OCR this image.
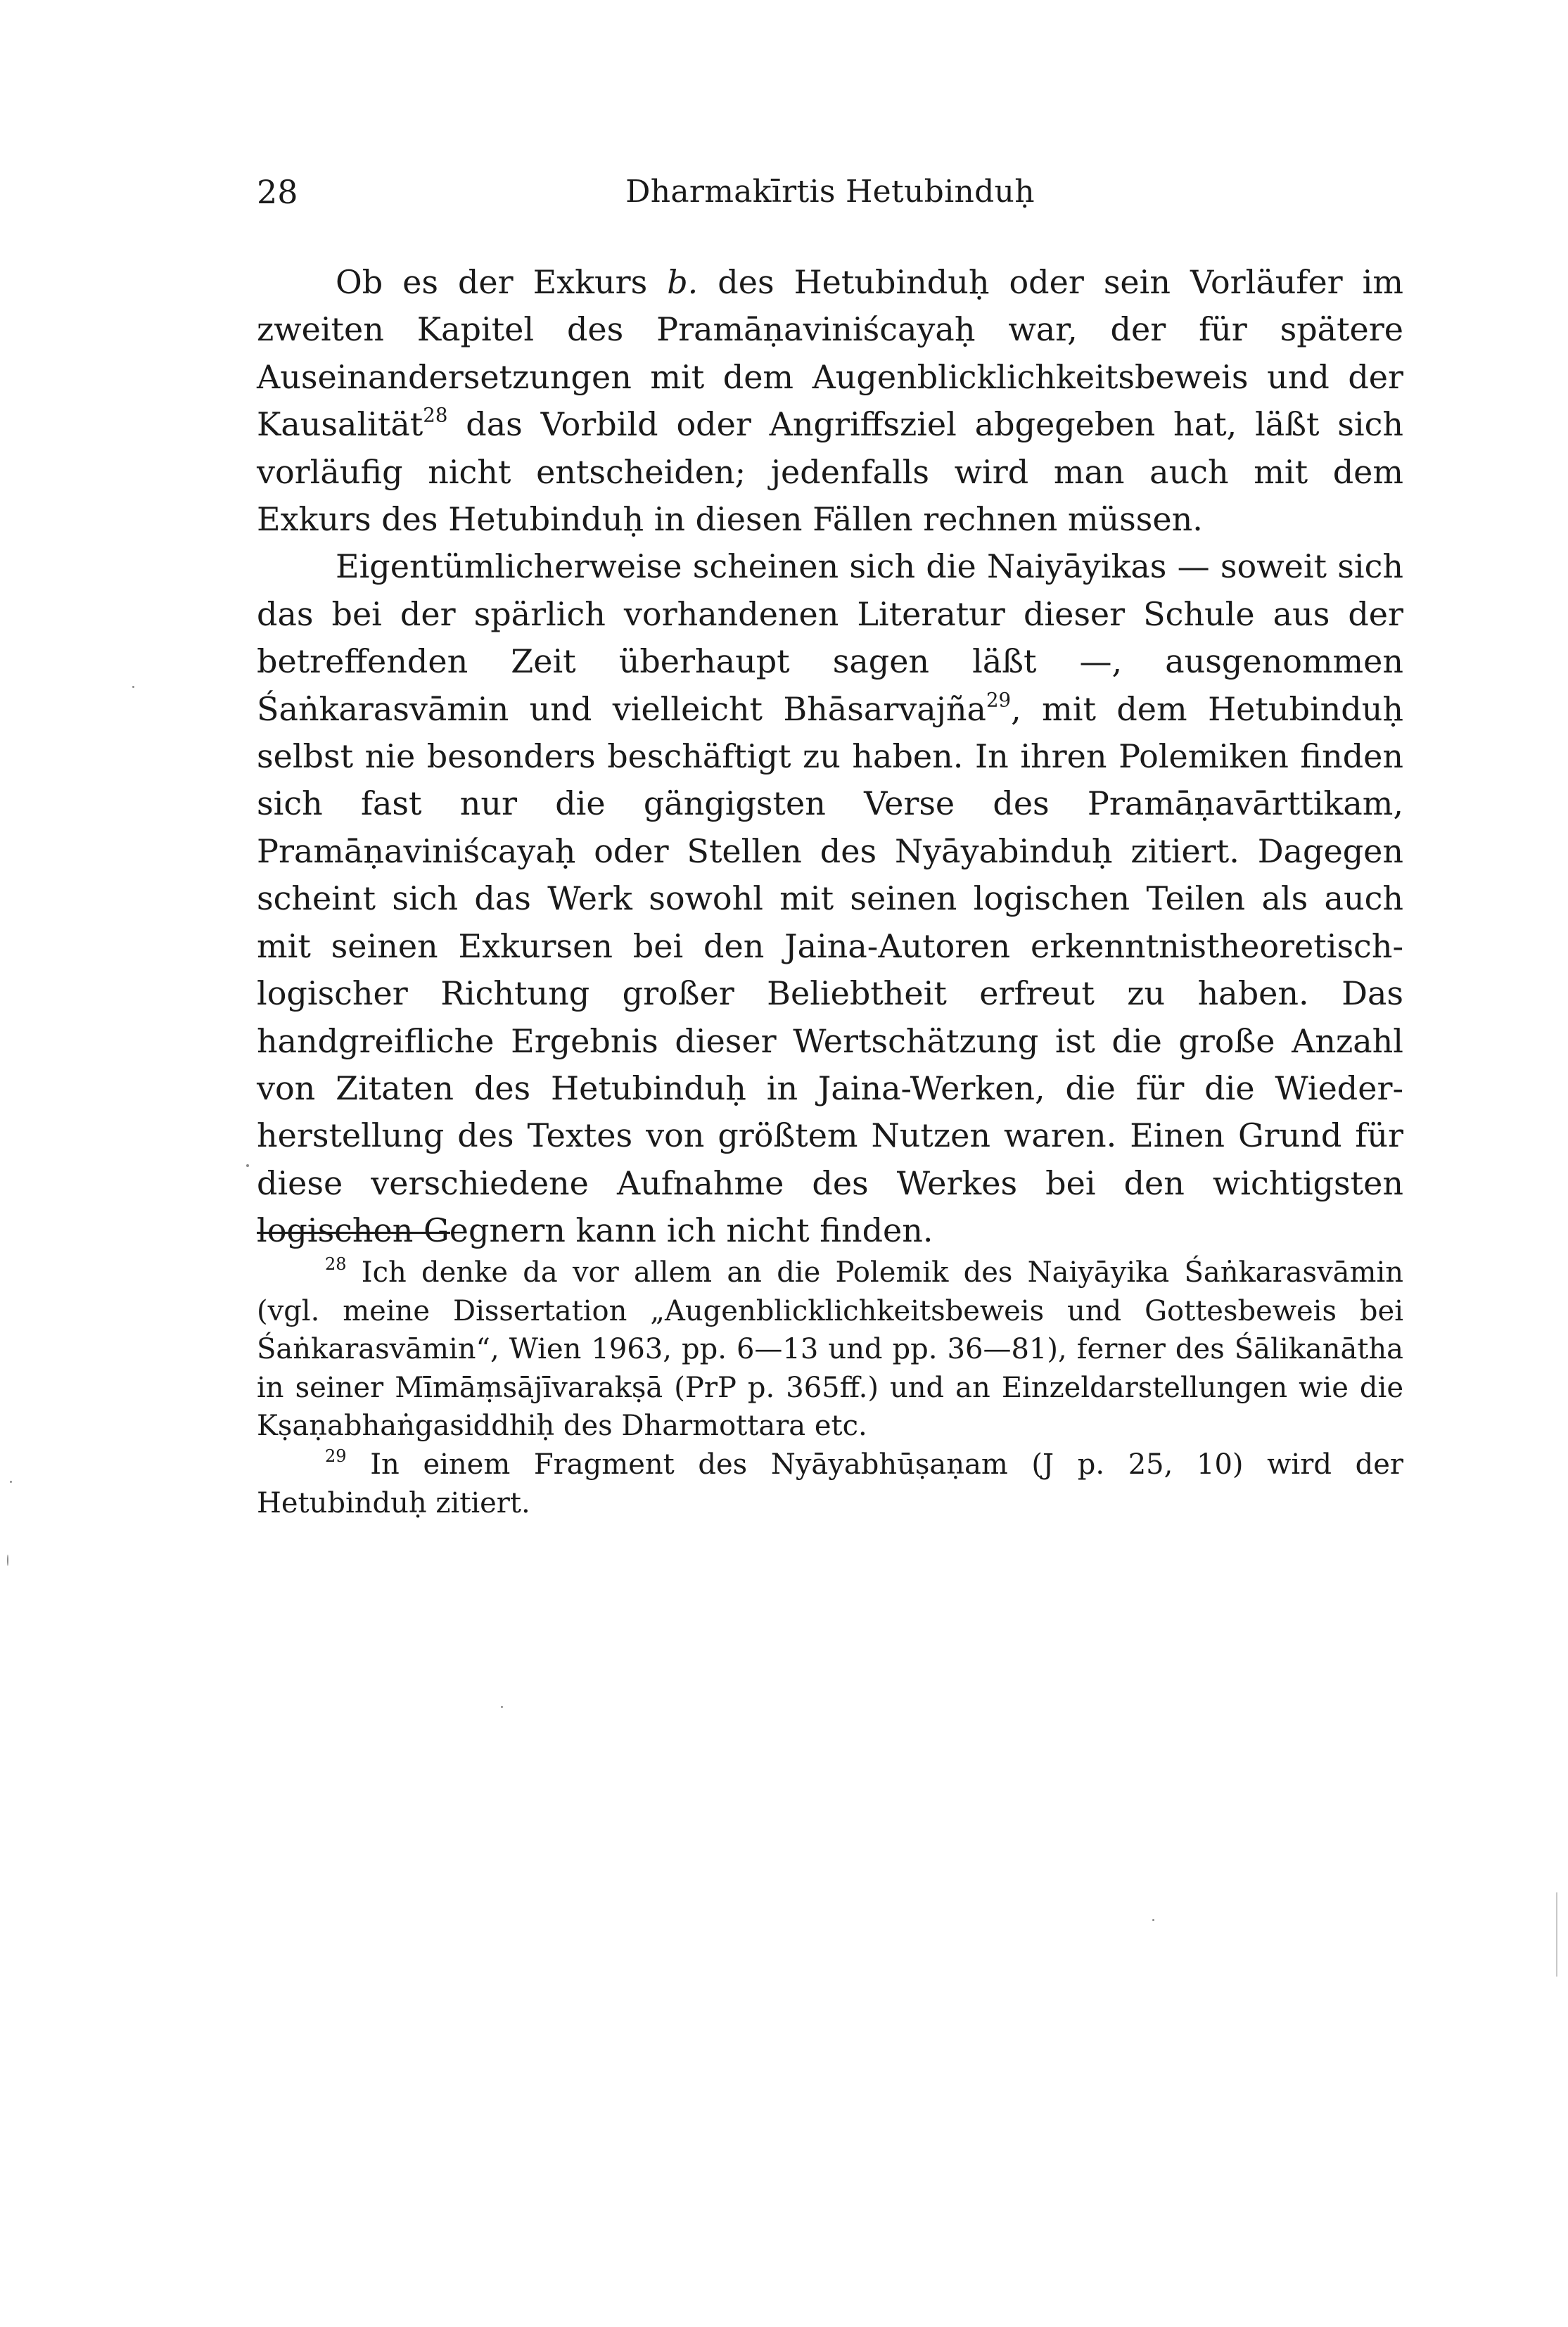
28	Dharmakīrtis Hetubinduḥ

Ob es der Exkurs b. des Hetubinduḥ oder sein Vorläufer im zweiten Kapitel des Pramāṇaviniścayaḥ war, der für spätere Auseinandersetzungen mit dem Augenblicklichkeitsbeweis und der Kausalität$^{28}$ das Vorbild oder Angriffsziel abgegeben hat, läßt sich vorläufig nicht entscheiden; jedenfalls wird man auch mit dem Exkurs des Hetubinduḥ in diesen Fällen rechnen müssen.

Eigentümlicherweise scheinen sich die Naiyāyikas — soweit sich das bei der spärlich vorhandenen Literatur dieser Schule aus der betreffenden Zeit überhaupt sagen läßt —, ausgenommen Śaṅkarasvāmin und vielleicht Bhāsarvajña$^{29}$, mit dem Hetubinduḥ selbst nie besonders beschäftigt zu haben. In ihren Polemiken finden sich fast nur die gängigsten Verse des Pramāṇavārttikam, Pramāṇaviniścayaḥ oder Stellen des Nyāyabinduḥ zitiert. Dagegen scheint sich das Werk sowohl mit seinen logischen Teilen als auch mit seinen Exkursen bei den Jaina-Autoren erkenntnistheoretisch-logischer Richtung großer Beliebtheit erfreut zu haben. Das handgreifliche Ergebnis dieser Wertschätzung ist die große Anzahl von Zitaten des Hetubinduḥ in Jaina-Werken, die für die Wiederherstellung des Textes von größtem Nutzen waren. Einen Grund für diese verschiedene Aufnahme des Werkes bei den wichtigsten logischen Gegnern kann ich nicht finden.

$^{28}$ Ich denke da vor allem an die Polemik des Naiyāyika Śaṅkarasvāmin (vgl. meine Dissertation „Augenblicklichkeitsbeweis und Gottesbeweis bei Śaṅkarasvāmin“, Wien 1963, pp. 6—13 und pp. 36—81), ferner des Śālikanātha in seiner Mīmāṃsājīvarakṣā (PrP p. 365ff.) und an Einzeldarstellungen wie die Kṣaṇabhaṅgasiddhiḥ des Dharmottara etc.

$^{29}$ In einem Fragment des Nyāyabhūṣaṇam (J p. 25, 10) wird der Hetubinduḥ zitiert.
